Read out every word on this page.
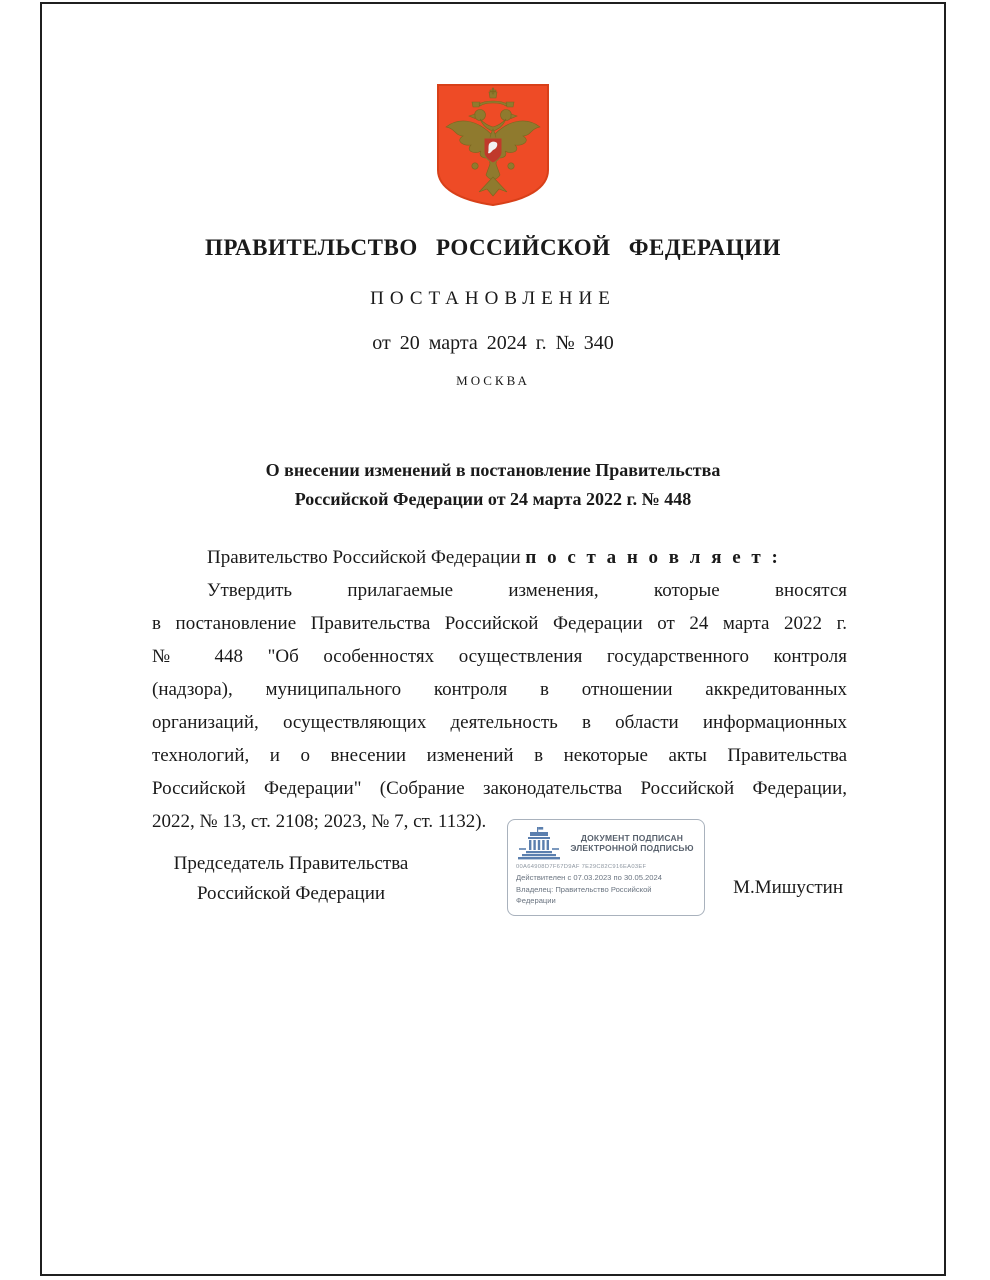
ПРАВИТЕЛЬСТВО РОССИЙСКОЙ ФЕДЕРАЦИИ
ПОСТАНОВЛЕНИЕ
от 20 марта 2024 г. № 340
МОСКВА
О внесении изменений в постановление Правительства
Российской Федерации от 24 марта 2022 г. № 448
Правительство Российской Федерации п о с т а н о в л я е т :
Утвердить прилагаемые изменения, которые вносятся
в постановление Правительства Российской Федерации от 24 марта 2022 г.
№ 448 "Об особенностях осуществления государственного контроля
(надзора), муниципального контроля в отношении аккредитованных
организаций, осуществляющих деятельность в области информационных
технологий, и о внесении изменений в некоторые акты Правительства
Российской Федерации" (Собрание законодательства Российской Федерации,
2022, № 13, ст. 2108; 2023, № 7, ст. 1132).
Председатель Правительства
Российской Федерации
ДОКУМЕНТ ПОДПИСАН
ЭЛЕКТРОННОЙ ПОДПИСЬЮ
00A64908D7F67D9AF 7E29C82C916EA03EF
Действителен с 07.03.2023 по 30.05.2024
Владелец: Правительство Российской
Федерации
М.Мишустин
